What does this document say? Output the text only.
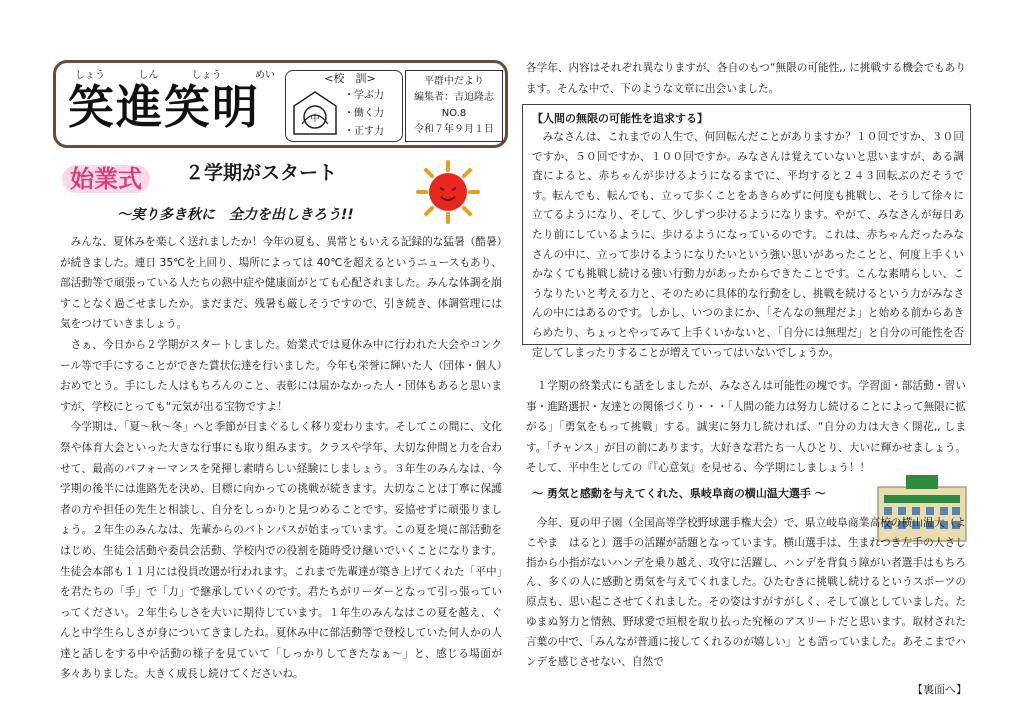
しょう	しん	しょう	めい
笑進笑明
<校　訓>
中
・学ぶ力
・働く力
・正す力
平群中だより
編集者：吉迫隆志
NO.8
令和７年９月１日
始業式	２学期がスタート
～実り多き秋に　全力を出しきろう!!

みんな、夏休みを楽しく送れましたか！今年の夏も、異常ともいえる記録的な猛暑（酷暑）が続きました。連日 35℃を上回り、場所によっては 40℃を超えるというニュースもあり、部活動等で頑張っている人たちの熱中症や健康面がとても心配されました。みんな体調を崩すことなく過ごせましたか。まだまだ、残暑も厳しそうですので、引き続き、体調管理には気をつけていきましょう。

さぁ、今日から２学期がスタートしました。始業式では夏休み中に行われた大会やコンクール等で手にすることができた賞状伝達を行いました。今年も栄誉に輝いた人（団体・個人）おめでとう。手にした人はもちろんのこと、表彰には届かなかった人・団体もあると思いますが、学校にとっても“元気が出る宝物ですよ！

今学期は、「夏～秋～冬」へと季節が目まぐるしく移り変わります。そしてこの間に、文化祭や体育大会といった大きな行事にも取り組みます。クラスや学年、大切な仲間と力を合わせて、最高のパフォーマンスを発揮し素晴らしい経験にしましょう。３年生のみんなは、今学期の後半には進路先を決め、目標に向かっての挑戦が続きます。大切なことは丁寧に保護者の方や担任の先生と相談し、自分をしっかりと見つめることです。妥協せずに頑張りましょう。２年生のみんなは、先輩からのバトンパスが始まっています。この夏を境に部活動をはじめ、生徒会活動や委員会活動、学校内での役割を随時受け継いでいくことになります。生徒会本部も１１月には役員改選が行われます。これまで先輩達が築き上げてくれた「平中」を君たちの「手」で「力」で継承していくのです。君たちがリーダーとなって引っ張っていってください。２年生らしさを大いに期待しています。１年生のみんなはこの夏を越え、ぐんと中学生らしさが身についてきましたね。夏休み中に部活動等で登校していた何人かの人達と話しをする中や活動の様子を見ていて「しっかりしてきたなぁ～」と、感じる場面が多々ありました。大きく成長し続けてくださいね。

各学年、内容はそれぞれ異なりますが、各自のもつ“無限の可能性,, に挑戦する機会でもあります。そんな中で、下のような文章に出会いました。

【人間の無限の可能性を追求する】

みなさんは、これまでの人生で、何回転んだことがありますか？１０回ですか、３０回ですか、５０回ですか、１００回ですか。みなさんは覚えていないと思いますが、ある調査によると、赤ちゃんが歩けるようになるまでに、平均すると２４３回転ぶのだそうです。転んでも、転んでも、立って歩くことをあきらめずに何度も挑戦し、そうして徐々に立てるようになり、そして、少しずつ歩けるようになります。やがて、みなさんが毎日あたり前にしているように、歩けるようになっているのです。これは、赤ちゃんだったみなさんの中に、立って歩けるようになりたいという強い思いがあったことと、何度上手くいかなくても挑戦し続ける強い行動力があったからできたことです。こんな素晴らしい、こうなりたいと考える力と、そのために具体的な行動をし、挑戦を続けるという力がみなさんの中にはあるのです。しかし、いつのまにか、「そんなの無理だよ」と始める前からあきらめたり、ちょっとやってみて上手くいかないと、「自分には無理だ」と自分の可能性を否定してしまったりすることが増えていってはいないでしょうか。

１学期の終業式にも話をしましたが、みなさんは可能性の塊です。学習面・部活動・習い事・進路選択・友達との関係づくり・・・「人間の能力は努力し続けることによって無限に拡がる」「勇気をもって挑戦」する。誠実に努力し続ければ、“自分の力は大きく開花,, します。「チャンス」が目の前にあります。大好きな君たち一人ひとり、大いに輝かせましょう。そして、平中生としての『『心意気』を見せる、今学期にしましょう！！

～ 勇気と感動を与えてくれた、県岐阜商の横山温大選手 ～

今年、夏の甲子園（全国高等学校野球選手権大会）で、県立岐阜商業高校の横山温大（よこやま　はると）選手の活躍が話題となっています。横山選手は、生まれつき左手の人さし指から小指がないハンデを乗り越え、攻守に活躍し、ハンデを背負う障がい者選手はもちろん、多くの人に感動と勇気を与えてくれました。ひたむきに挑戦し続けるというスポーツの原点も、思い起こさせてくれました。その姿はすがすがしく、そして凛としていました。たゆまぬ努力と情熱、野球愛で垣根を取り払った究極のアスリートだと思います。取材された言葉の中で、「みんなが普通に接してくれるのが嬉しい」とも語っていました。あそこまでハンデを感じさせない、自然で

【裏面へ】
